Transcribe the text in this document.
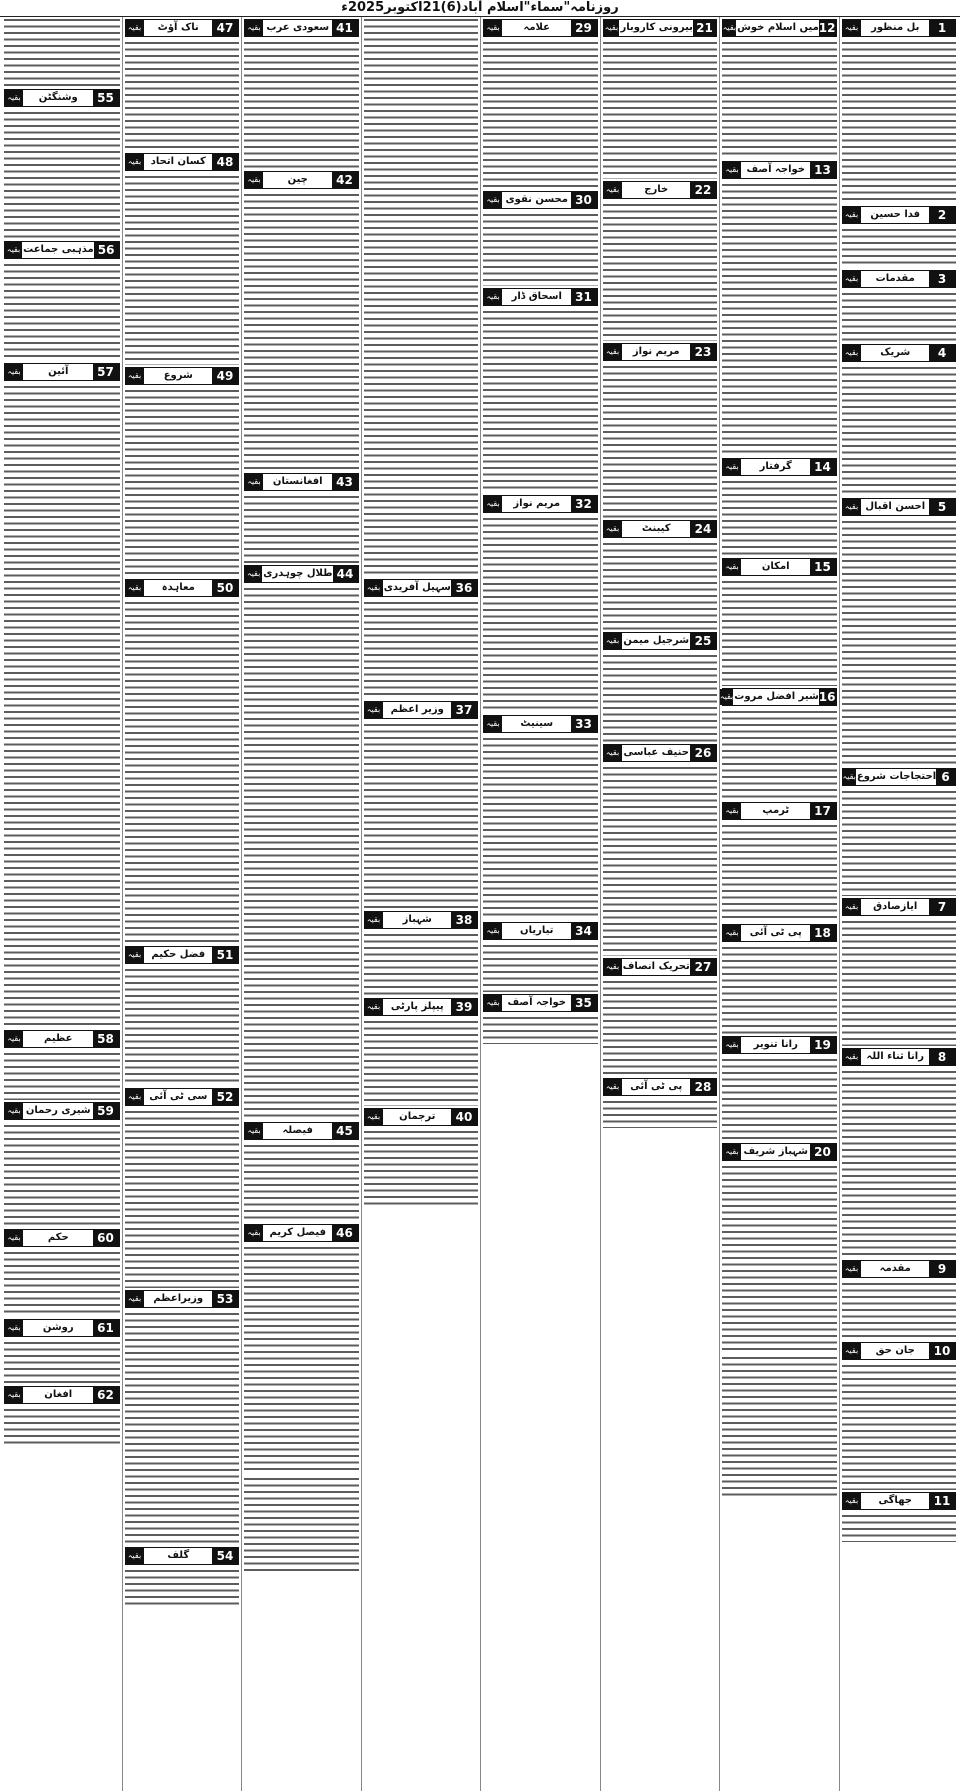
روزنامہ"سماء"اسلام آباد(6)21اکتوبر2025ء
1
بل منظور
بقیہ
2
فدا حسین
بقیہ
3
مقدمات
بقیہ
4
شریک
بقیہ
5
احسن اقبال
بقیہ
6
احتجاجات شروع
بقیہ
7
ایازصادق
بقیہ
8
رانا ثناء اللہ
بقیہ
9
مقدمہ
بقیہ
10
جان حق
بقیہ
11
جھاگی
بقیہ
12
میں اسلام خوش
بقیہ
13
خواجہ آصف
بقیہ
14
گرفتار
بقیہ
15
امکان
بقیہ
16
شیر افضل مروت
بقیہ
17
ٹرمپ
بقیہ
18
پی ٹی آئی
بقیہ
19
رانا تنویر
بقیہ
20
شہباز شریف
بقیہ
21
بیرونی کاروبار
بقیہ
22
خارج
بقیہ
23
مریم نواز
بقیہ
24
کیبنٹ
بقیہ
25
شرجیل میمن
بقیہ
26
حنیف عباسی
بقیہ
27
تحریک انصاف
بقیہ
28
پی ٹی آئی
بقیہ
29
علامہ
بقیہ
30
محسن نقوی
بقیہ
31
اسحاق ڈار
بقیہ
32
مریم نواز
بقیہ
33
سینیٹ
بقیہ
34
تیاریاں
بقیہ
35
خواجہ آصف
بقیہ
36
سہیل آفریدی
بقیہ
37
وزیر اعظم
بقیہ
38
شہباز
بقیہ
39
پیپلز پارٹی
بقیہ
40
ترجمان
بقیہ
41
سعودی عرب
بقیہ
42
چین
بقیہ
43
افغانستان
بقیہ
44
طلال چوہدری
بقیہ
45
فیصلہ
بقیہ
46
فیصل کریم
بقیہ
47
ناک آؤٹ
بقیہ
48
کسان اتحاد
بقیہ
49
شروع
بقیہ
50
معاہدہ
بقیہ
51
فضل حکیم
بقیہ
52
سی ٹی آئی
بقیہ
53
وزیراعظم
بقیہ
54
گلف
بقیہ
55
وشنگٹن
بقیہ
56
مذہبی جماعت
بقیہ
57
آئین
بقیہ
58
عظیم
بقیہ
59
شیری رحمان
بقیہ
60
حکم
بقیہ
61
روشن
بقیہ
62
افغان
بقیہ
